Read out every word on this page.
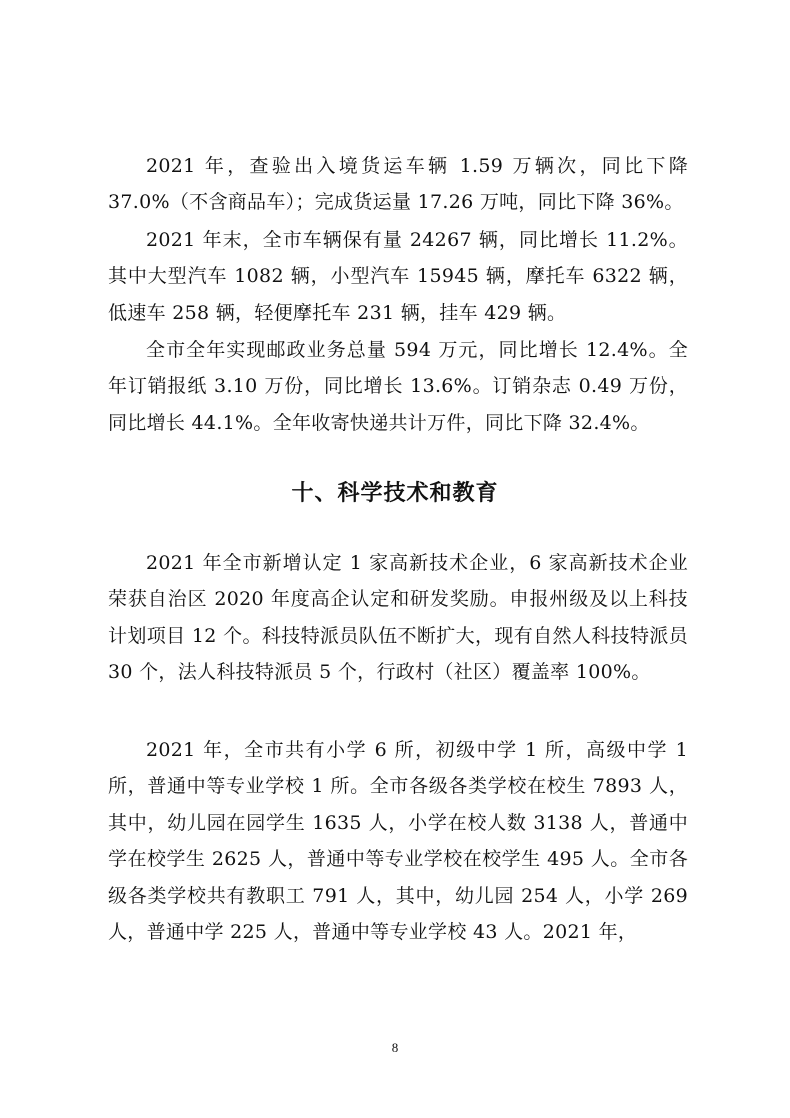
2021 年，查验出入境货运车辆 1.59 万辆次，同比下降 37.0%（不含商品车）；完成货运量 17.26 万吨，同比下降 36%。

2021 年末，全市车辆保有量 24267 辆，同比增长 11.2%。其中大型汽车 1082 辆，小型汽车 15945 辆，摩托车 6322 辆，低速车 258 辆，轻便摩托车 231 辆，挂车 429 辆。

全市全年实现邮政业务总量 594 万元，同比增长 12.4%。全年订销报纸 3.10 万份，同比增长 13.6%。订销杂志 0.49 万份，同比增长 44.1%。全年收寄快递共计万件，同比下降 32.4%。

十、科学技术和教育

2021 年全市新增认定 1 家高新技术企业，6 家高新技术企业荣获自治区 2020 年度高企认定和研发奖励。申报州级及以上科技计划项目 12 个。科技特派员队伍不断扩大，现有自然人科技特派员 30 个，法人科技特派员 5 个，行政村（社区）覆盖率 100%。

2021 年，全市共有小学 6 所，初级中学 1 所，高级中学 1 所，普通中等专业学校 1 所。全市各级各类学校在校生 7893 人，其中，幼儿园在园学生 1635 人，小学在校人数 3138 人，普通中学在校学生 2625 人，普通中等专业学校在校学生 495 人。全市各级各类学校共有教职工 791 人，其中，幼儿园 254 人，小学 269 人，普通中学 225 人，普通中等专业学校 43 人。2021 年，

8
